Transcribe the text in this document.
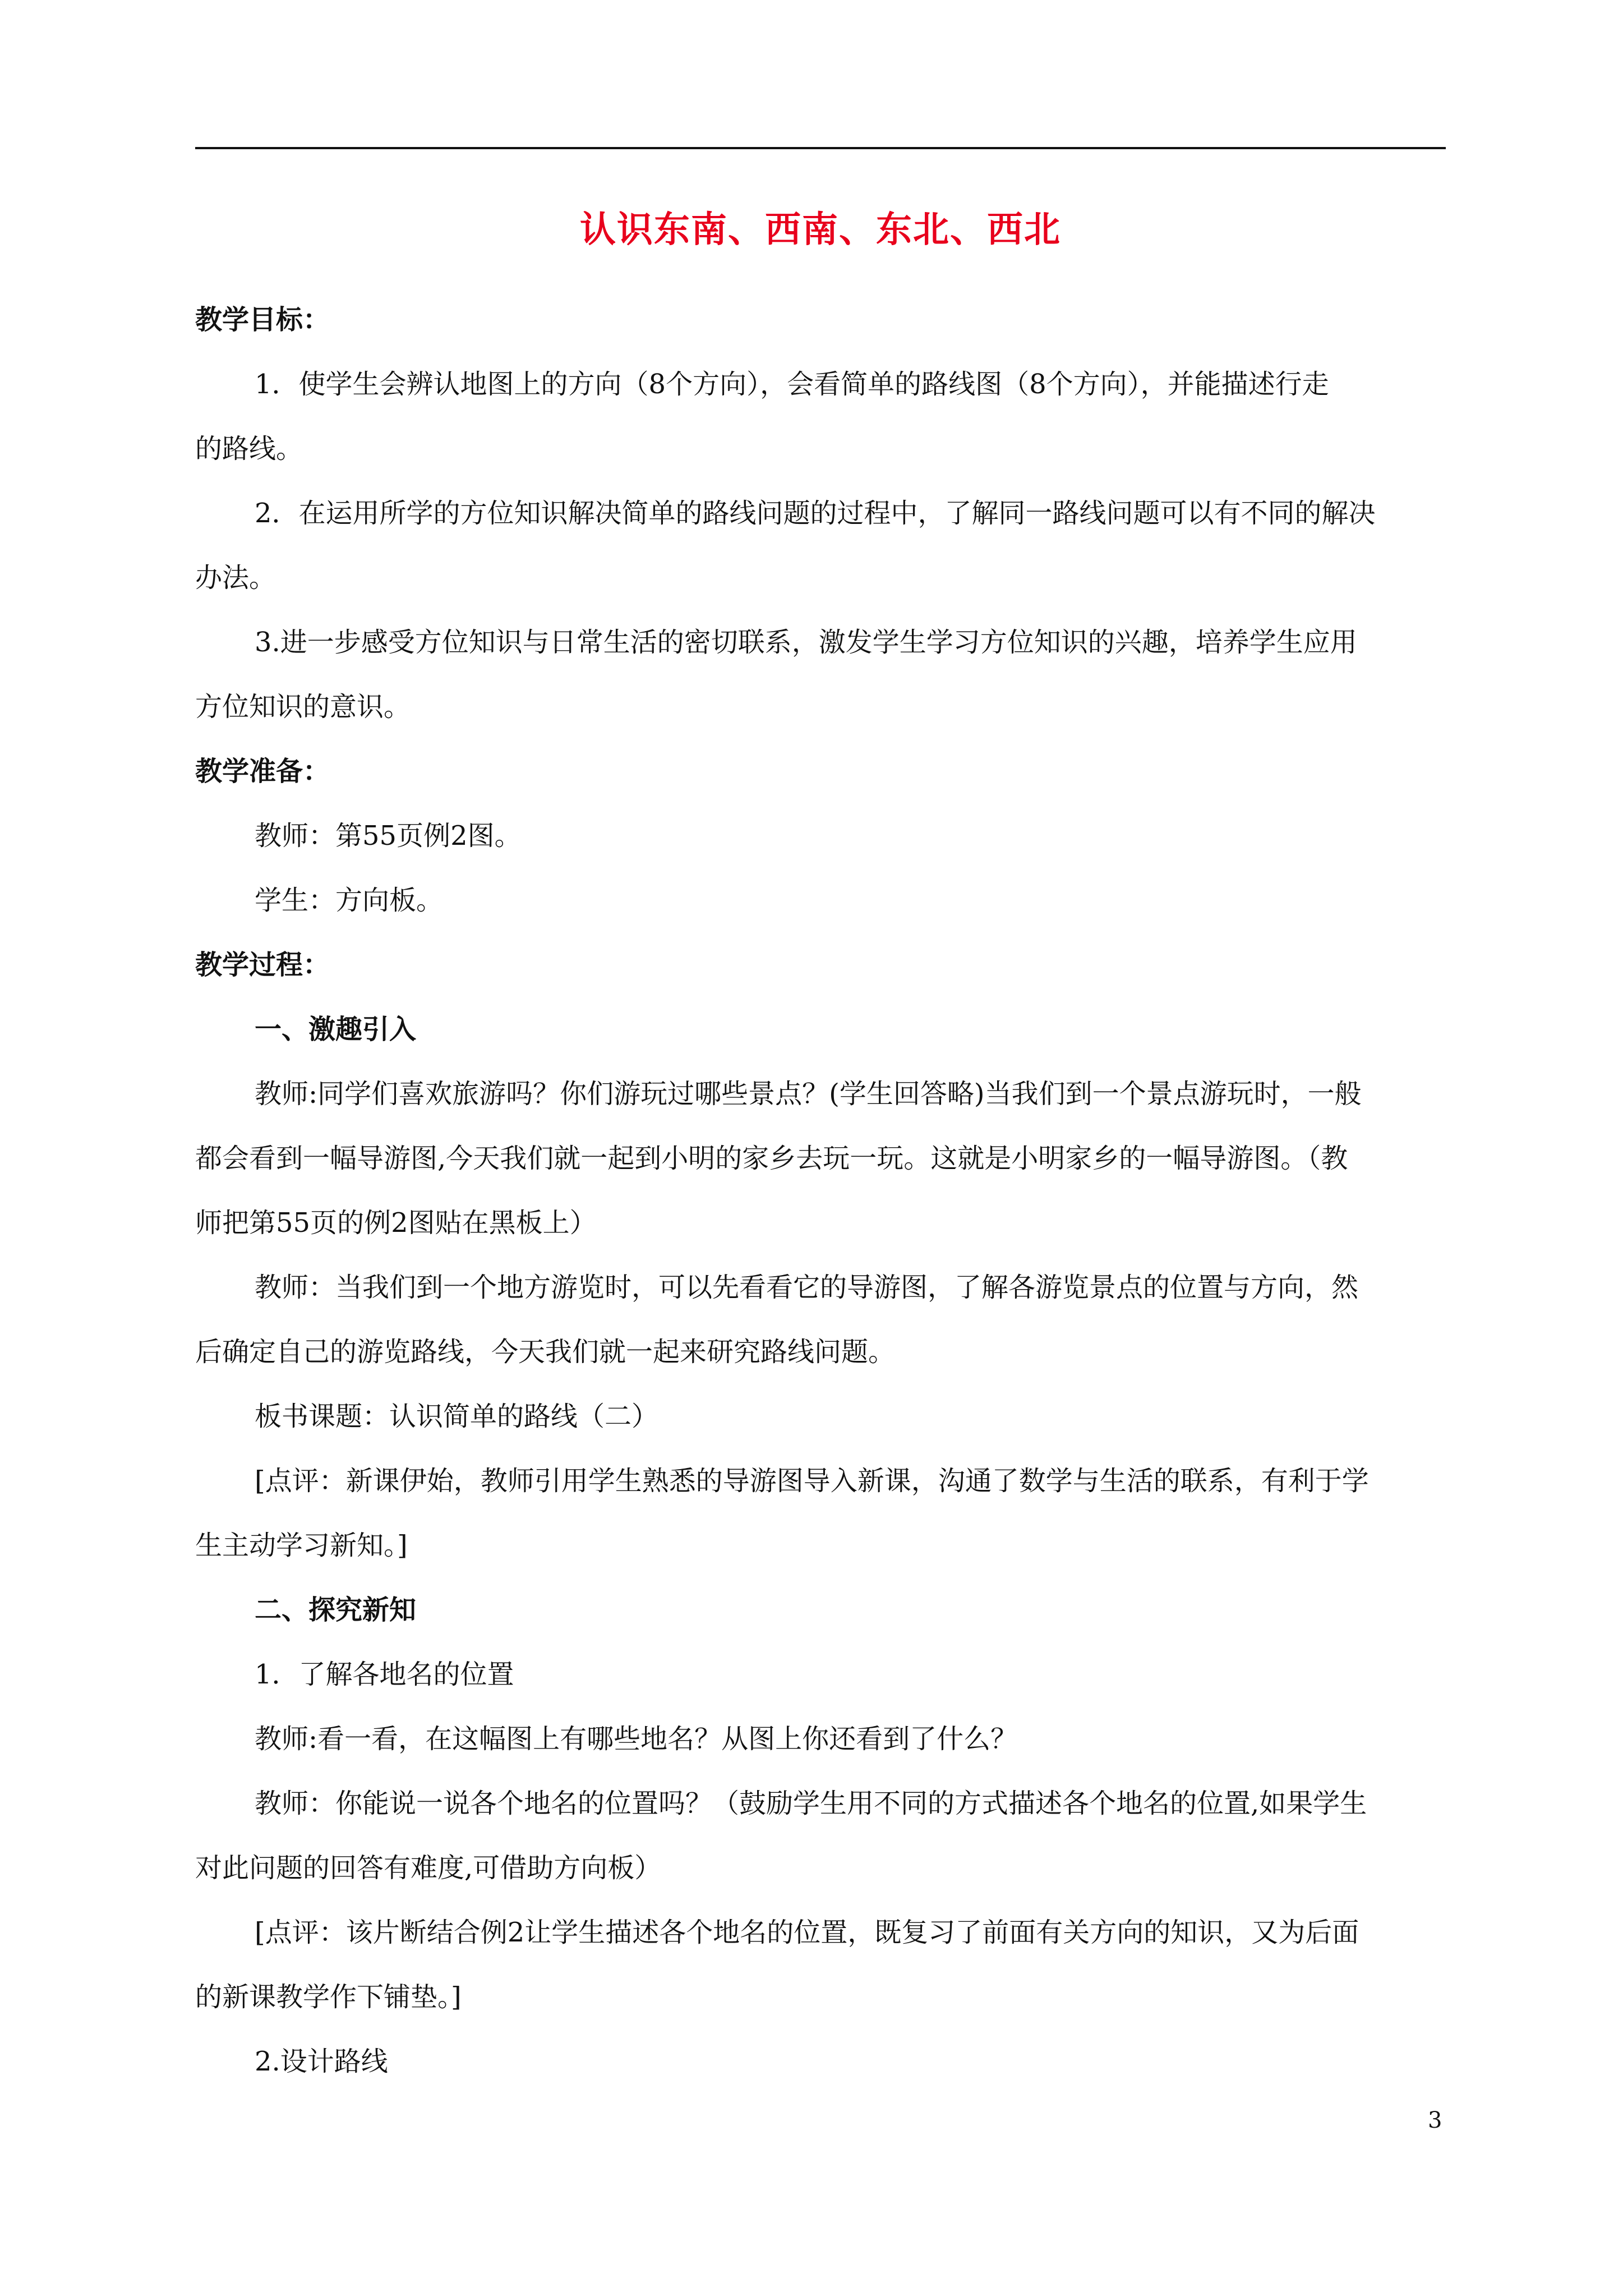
认识东南、西南、东北、西北

教学目标：

1．使学生会辨认地图上的方向（8个方向），会看简单的路线图（8个方向），并能描述行走

的路线。

2．在运用所学的方位知识解决简单的路线问题的过程中，了解同一路线问题可以有不同的解决

办法。

3.进一步感受方位知识与日常生活的密切联系，激发学生学习方位知识的兴趣，培养学生应用

方位知识的意识。

教学准备：

教师：第55页例2图。

学生：方向板。

教学过程：

一、激趣引入

教师:同学们喜欢旅游吗？你们游玩过哪些景点？(学生回答略)当我们到一个景点游玩时，一般

都会看到一幅导游图,今天我们就一起到小明的家乡去玩一玩。这就是小明家乡的一幅导游图。（教

师把第55页的例2图贴在黑板上）

教师：当我们到一个地方游览时，可以先看看它的导游图，了解各游览景点的位置与方向，然

后确定自己的游览路线，今天我们就一起来研究路线问题。

板书课题：认识简单的路线（二）

[点评：新课伊始，教师引用学生熟悉的导游图导入新课，沟通了数学与生活的联系，有利于学

生主动学习新知。]

二、探究新知

1．了解各地名的位置

教师:看一看，在这幅图上有哪些地名？从图上你还看到了什么？

教师：你能说一说各个地名的位置吗？（鼓励学生用不同的方式描述各个地名的位置,如果学生

对此问题的回答有难度,可借助方向板）

[点评：该片断结合例2让学生描述各个地名的位置，既复习了前面有关方向的知识，又为后面

的新课教学作下铺垫。]

2.设计路线

3
